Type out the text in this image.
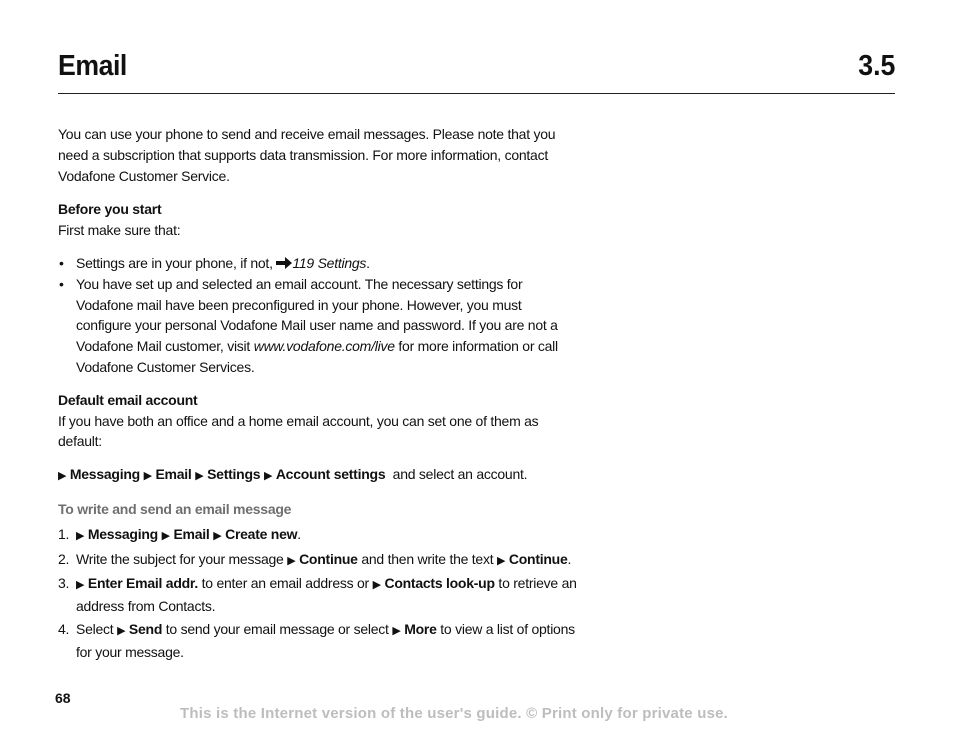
Email	3.5

You can use your phone to send and receive email messages. Please note that you need a subscription that supports data transmission. For more information, contact Vodafone Customer Service.

Before you start

First make sure that:

• Settings are in your phone, if not, 119 Settings.
• You have set up and selected an email account. The necessary settings for Vodafone mail have been preconfigured in your phone. However, you must configure your personal Vodafone Mail user name and password. If you are not a Vodafone Mail customer, visit www.vodafone.com/live for more information or call Vodafone Customer Services.

Default email account

If you have both an office and a home email account, you can set one of them as default:

▶ Messaging ▶ Email ▶ Settings ▶ Account settings and select an account.

To write and send an email message

1. ▶ Messaging ▶ Email ▶ Create new.
2. Write the subject for your message ▶ Continue and then write the text ▶ Continue.
3. ▶ Enter Email addr. to enter an email address or ▶ Contacts look-up to retrieve an address from Contacts.
4. Select ▶ Send to send your email message or select ▶ More to view a list of options for your message.
68
This is the Internet version of the user's guide. © Print only for private use.
